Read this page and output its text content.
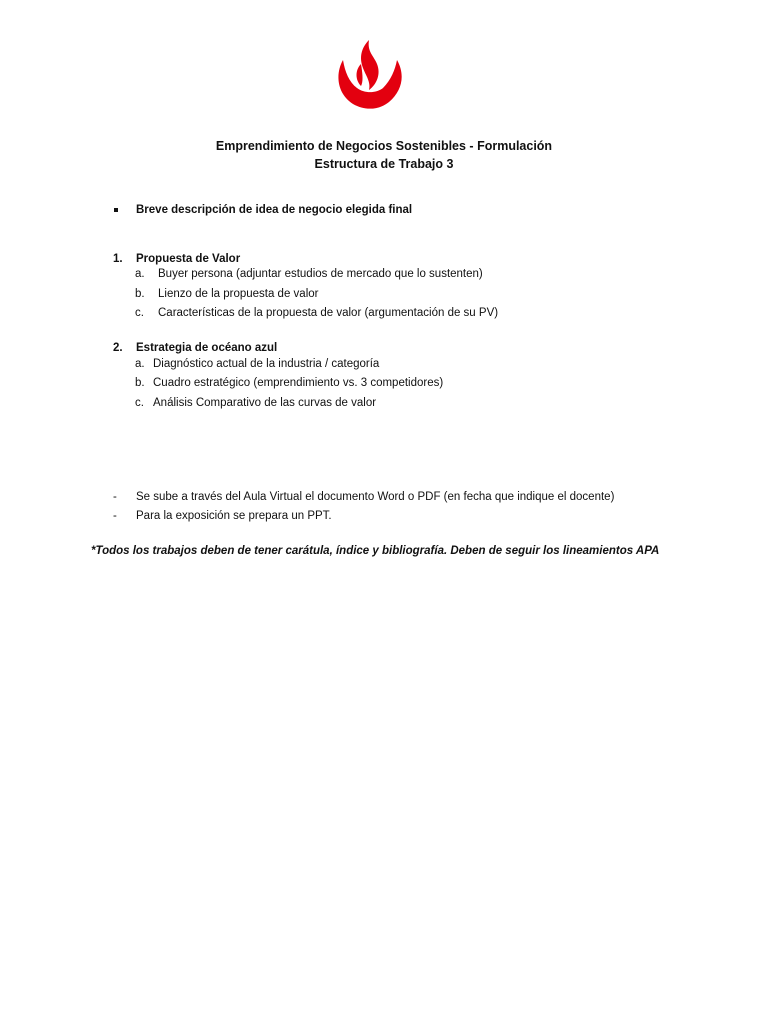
Emprendimiento de Negocios Sostenibles - Formulación

Estructura de Trabajo 3

Breve descripción de idea de negocio elegida final
1. Propuesta de Valor
a. Buyer persona (adjuntar estudios de mercado que lo sustenten)
b. Lienzo de la propuesta de valor
c. Características de la propuesta de valor (argumentación de su PV)
2. Estrategia de océano azul
a. Diagnóstico actual de la industria / categoría
b. Cuadro estratégico (emprendimiento vs. 3 competidores)
c. Análisis Comparativo de las curvas de valor
- Se sube a través del Aula Virtual el documento Word o PDF (en fecha que indique el docente)
- Para la exposición se prepara un PPT.
*Todos los trabajos deben de tener carátula, índice y bibliografía. Deben de seguir los lineamientos APA
